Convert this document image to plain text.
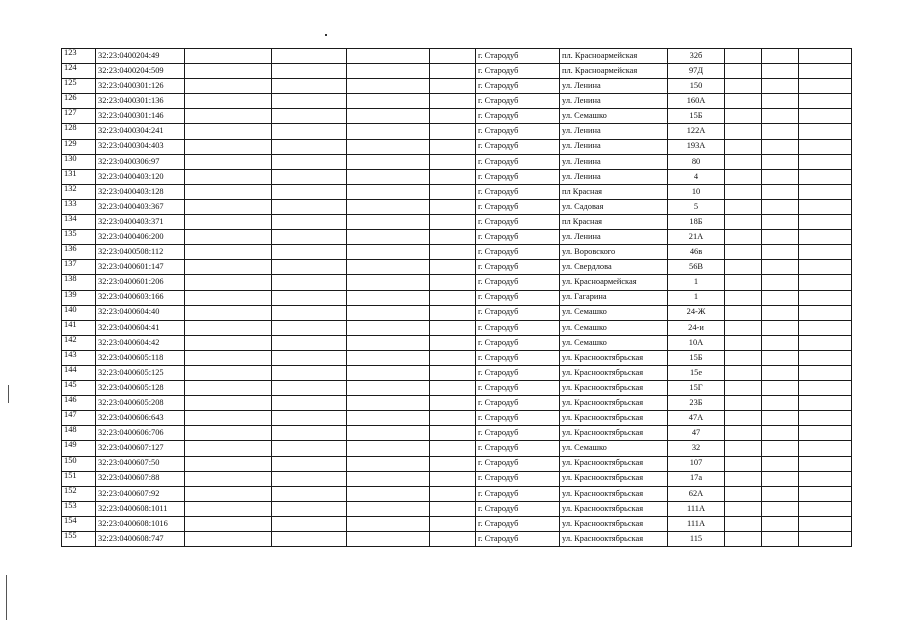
123	32:23:0400204:49					г. Стародуб	пл. Красноармейская	32б			
124	32:23:0400204:509					г. Стародуб	пл. Красноармейская	97Д			
125	32:23:0400301:126					г. Стародуб	ул. Ленина	150			
126	32:23:0400301:136					г. Стародуб	ул. Ленина	160А			
127	32:23:0400301:146					г. Стародуб	ул. Семашко	15Б			
128	32:23:0400304:241					г. Стародуб	ул. Ленина	122А			
129	32:23:0400304:403					г. Стародуб	ул. Ленина	193А			
130	32:23:0400306:97					г. Стародуб	ул. Ленина	80			
131	32:23:0400403:120					г. Стародуб	ул. Ленина	4			
132	32:23:0400403:128					г. Стародуб	пл Красная	10			
133	32:23:0400403:367					г. Стародуб	ул. Садовая	5			
134	32:23:0400403:371					г. Стародуб	пл Красная	18Б			
135	32:23:0400406:200					г. Стародуб	ул. Ленина	21А			
136	32:23:0400508:112					г. Стародуб	ул. Воровского	46в			
137	32:23:0400601:147					г. Стародуб	ул. Свердлова	56В			
138	32:23:0400601:206					г. Стародуб	ул. Красноармейская	1			
139	32:23:0400603:166					г. Стародуб	ул. Гагарина	1			
140	32:23:0400604:40					г. Стародуб	ул. Семашко	24-Ж			
141	32:23:0400604:41					г. Стародуб	ул. Семашко	24-и			
142	32:23:0400604:42					г. Стародуб	ул. Семашко	10А			
143	32:23:0400605:118					г. Стародуб	ул. Краснооктябрьская	15Б			
144	32:23:0400605:125					г. Стародуб	ул. Краснооктябрьская	15е			
145	32:23:0400605:128					г. Стародуб	ул. Краснооктябрьская	15Г			
146	32:23:0400605:208					г. Стародуб	ул. Краснооктябрьская	23Б			
147	32:23:0400606:643					г. Стародуб	ул. Краснооктябрьская	47А			
148	32:23:0400606:706					г. Стародуб	ул. Краснооктябрьская	47			
149	32:23:0400607:127					г. Стародуб	ул. Семашко	32			
150	32:23:0400607:50					г. Стародуб	ул. Краснооктябрьская	107			
151	32:23:0400607:88					г. Стародуб	ул. Краснооктябрьская	17а			
152	32:23:0400607:92					г. Стародуб	ул. Краснооктябрьская	62А			
153	32:23:0400608:1011					г. Стародуб	ул. Краснооктябрьская	111А			
154	32:23:0400608:1016					г. Стародуб	ул. Краснооктябрьская	111А			
155	32:23:0400608:747					г. Стародуб	ул. Краснооктябрьская	115			
